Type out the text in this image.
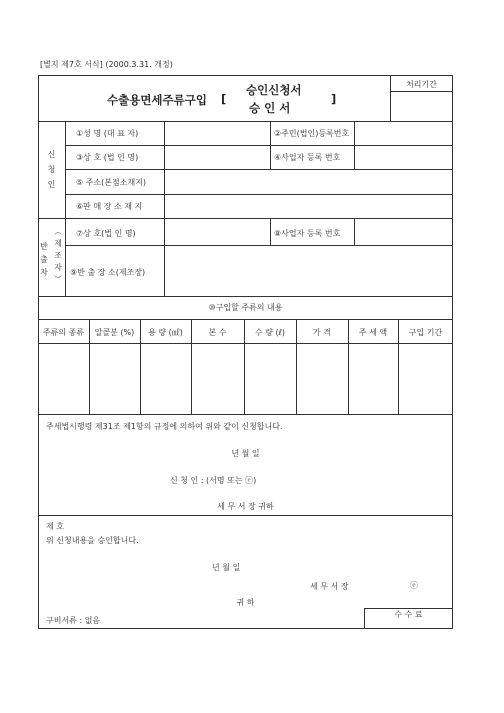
[별지 제7호 서식] (2000.3.31. 개정)
처리기간
수출용면세주류구입 [
승인신청서
승 인 서
]
신
청
인
①성 명 (대 표 자)	②주민(법인)등록번호
③상 호 (법 인 명)	④사업자 등록 번호
⑤ 주소(본점소재지)
⑥판 매 장 소 재 지
반
출
자
︵
제
조
자
︶
⑦상 호(법 인 명)	⑧사업자 등록 번호
⑨반 출 장 소(제조장)
⑩구입할 주류의 내용
주류의 종류	알콜분 (%)	용 량 (㎖)	본 수	수 량 (ℓ)	가 격	주 세 액	구입 기간
주세법시행령 제31조 제1항의 규정에 의하여 위와 같이 신청합니다.
년 월 일
신 청 인 : (서명 또는 ⓔ)
세 무 서 장 귀하
제 호
위 신청내용을 승인합니다.
년 월 일
세 무 서 장	ⓔ
귀 하
수 수 료
구비서류 : 없음
